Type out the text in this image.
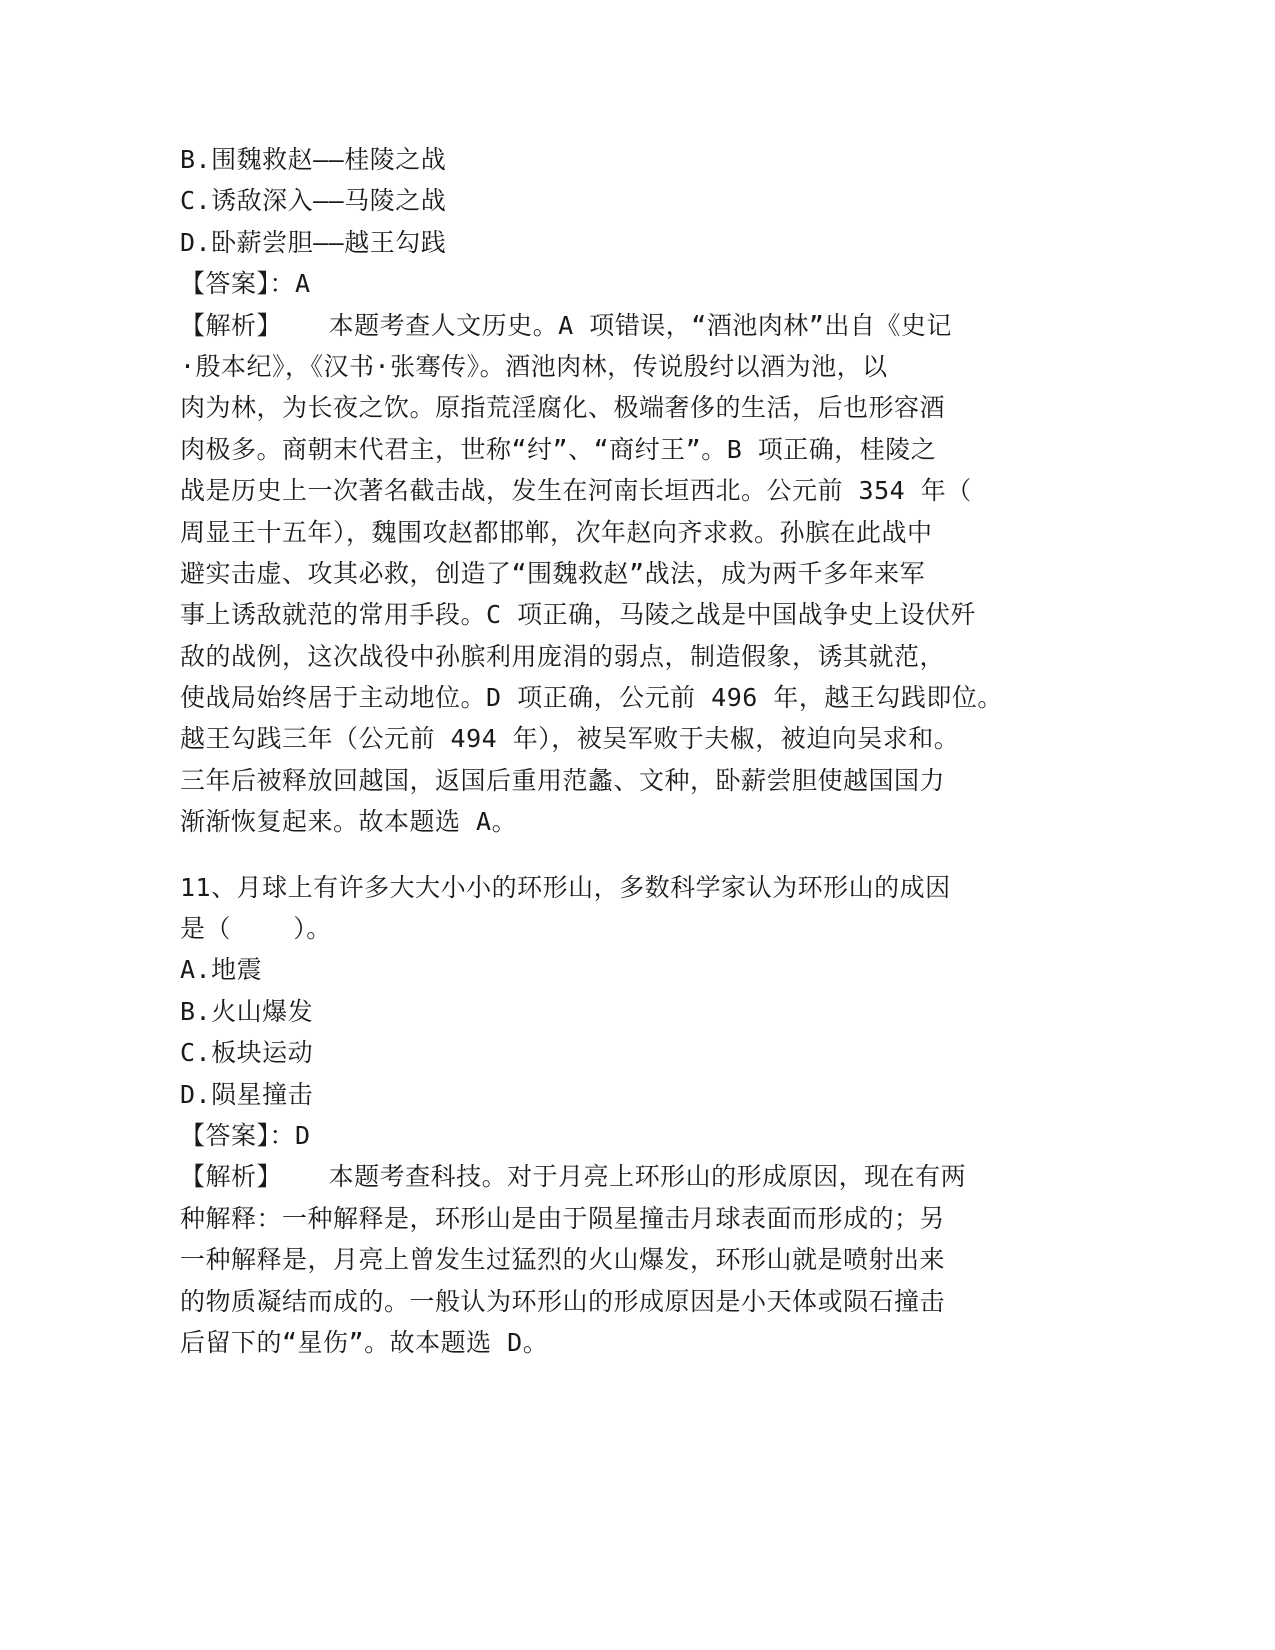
B.围魏救赵——桂陵之战
C.诱敌深入——马陵之战
D.卧薪尝胆——越王勾践
【答案】：A
【解析】   本题考查人文历史。A 项错误，“酒池肉林”出自《史记
·殷本纪》，《汉书·张骞传》。酒池肉林，传说殷纣以酒为池，以
肉为林，为长夜之饮。原指荒淫腐化、极端奢侈的生活，后也形容酒
肉极多。商朝末代君主，世称“纣”、“商纣王”。B 项正确，桂陵之
战是历史上一次著名截击战，发生在河南长垣西北。公元前 354 年（
周显王十五年），魏围攻赵都邯郸，次年赵向齐求救。孙膑在此战中
避实击虚、攻其必救，创造了“围魏救赵”战法，成为两千多年来军
事上诱敌就范的常用手段。C 项正确，马陵之战是中国战争史上设伏歼
敌的战例，这次战役中孙膑利用庞涓的弱点，制造假象，诱其就范，
使战局始终居于主动地位。D 项正确，公元前 496 年，越王勾践即位。
越王勾践三年（公元前 494 年），被吴军败于夫椒，被迫向吴求和。
三年后被释放回越国，返国后重用范蠡、文种，卧薪尝胆使越国国力
渐渐恢复起来。故本题选 A。
11、月球上有许多大大小小的环形山，多数科学家认为环形山的成因
是（    ）。
A.地震
B.火山爆发
C.板块运动
D.陨星撞击
【答案】：D
【解析】   本题考查科技。对于月亮上环形山的形成原因，现在有两
种解释：一种解释是，环形山是由于陨星撞击月球表面而形成的；另
一种解释是，月亮上曾发生过猛烈的火山爆发，环形山就是喷射出来
的物质凝结而成的。一般认为环形山的形成原因是小天体或陨石撞击
后留下的“星伤”。故本题选 D。
